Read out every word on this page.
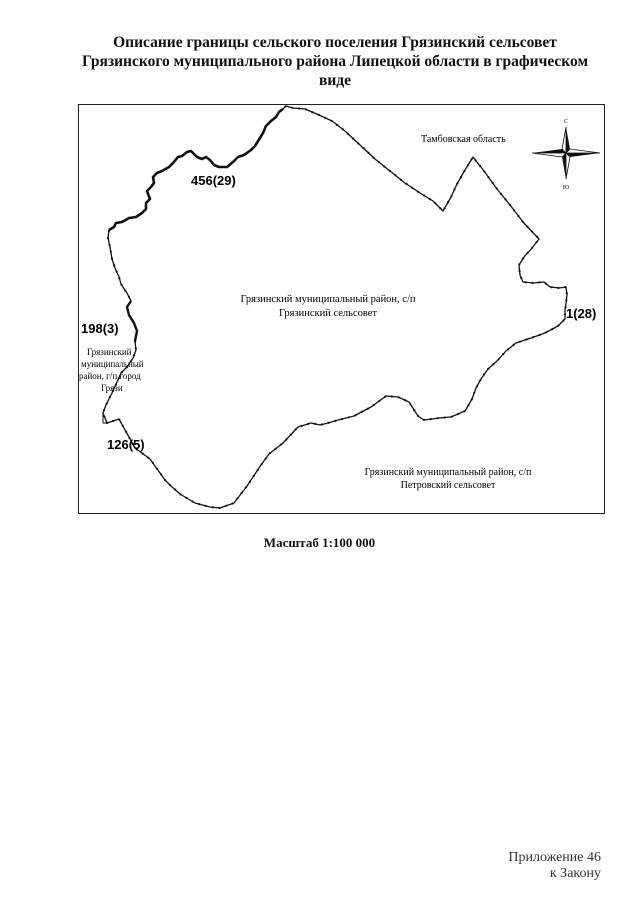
Описание границы сельского поселения Грязинский сельсовет
Грязинского муниципального района Липецкой области в графическом
виде
456(29)
198(3)
126(5)
1(28)
Тамбовская область
Грязинский муниципальный район, с/п
Грязинский сельсовет
Грязинский муниципальный район, с/п
Петровский сельсовет
Грязинский
муниципальный
район, г/п город
Грязи
С
Ю
Масштаб 1:100 000
Приложение 46
к Закону
